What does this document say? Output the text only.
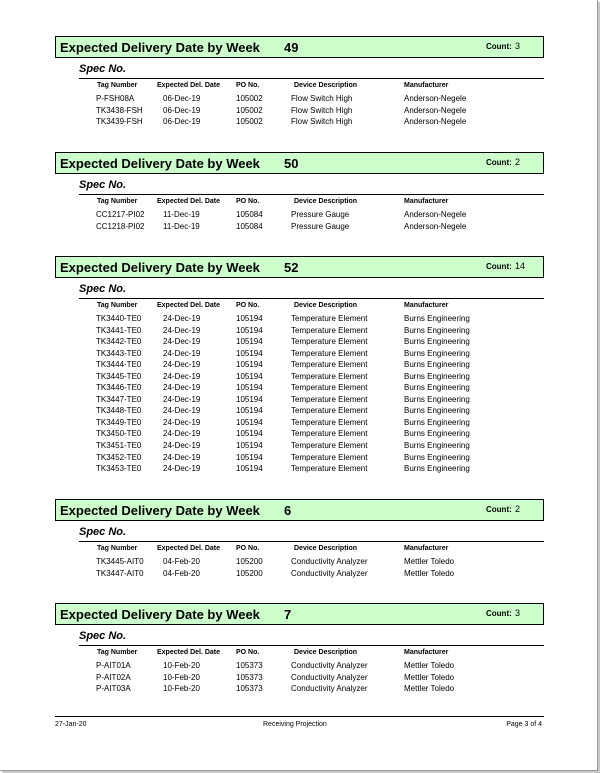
Expected Delivery Date by Week 49	Count: 3
Spec No.
Tag Number	Expected Del. Date PO No.	Device Description	Manufacturer
P-FSH08A	06-Dec-19	105002	Flow Switch High	Anderson-Negele
TK3438-FSH	06-Dec-19	105002	Flow Switch High	Anderson-Negele
TK3439-FSH	06-Dec-19	105002	Flow Switch High	Anderson-Negele
Expected Delivery Date by Week 50	Count: 2
Spec No.
Tag Number	Expected Del. Date PO No.	Device Description	Manufacturer
CC1217-PI02 11-Dec-19	105084	Pressure Gauge	Anderson-Negele
CC1218-PI02 11-Dec-19	105084	Pressure Gauge	Anderson-Negele
Expected Delivery Date by Week 52	Count: 14
Spec No.
Tag Number	Expected Del. Date PO No.	Device Description	Manufacturer
TK3440-TE0	24-Dec-19	105194	Temperature Element	Burns Engineering
TK3441-TE0	24-Dec-19	105194	Temperature Element	Burns Engineering
TK3442-TE0	24-Dec-19	105194	Temperature Element	Burns Engineering
TK3443-TE0	24-Dec-19	105194	Temperature Element	Burns Engineering
TK3444-TE0	24-Dec-19	105194	Temperature Element	Burns Engineering
TK3445-TE0	24-Dec-19	105194	Temperature Element	Burns Engineering
TK3446-TE0	24-Dec-19	105194	Temperature Element	Burns Engineering
TK3447-TE0	24-Dec-19	105194	Temperature Element	Burns Engineering
TK3448-TE0	24-Dec-19	105194	Temperature Element	Burns Engineering
TK3449-TE0	24-Dec-19	105194	Temperature Element	Burns Engineering
TK3450-TE0	24-Dec-19	105194	Temperature Element	Burns Engineering
TK3451-TE0	24-Dec-19	105194	Temperature Element	Burns Engineering
TK3452-TE0	24-Dec-19	105194	Temperature Element	Burns Engineering
TK3453-TE0	24-Dec-19	105194	Temperature Element	Burns Engineering
Expected Delivery Date by Week 6	Count: 2
Spec No.
Tag Number	Expected Del. Date PO No.	Device Description	Manufacturer
TK3445-AIT0 04-Feb-20	105200	Conductivity Analyzer	Mettler Toledo
TK3447-AIT0 04-Feb-20	105200	Conductivity Analyzer	Mettler Toledo
Expected Delivery Date by Week 7	Count: 3
Spec No.
Tag Number	Expected Del. Date PO No.	Device Description	Manufacturer
P-AIT01A	10-Feb-20	105373	Conductivity Analyzer	Mettler Toledo
P-AIT02A	10-Feb-20	105373	Conductivity Analyzer	Mettler Toledo
P-AIT03A	10-Feb-20	105373	Conductivity Analyzer	Mettler Toledo
27-Jan-20	Receiving Projection	Page 3 of 4
